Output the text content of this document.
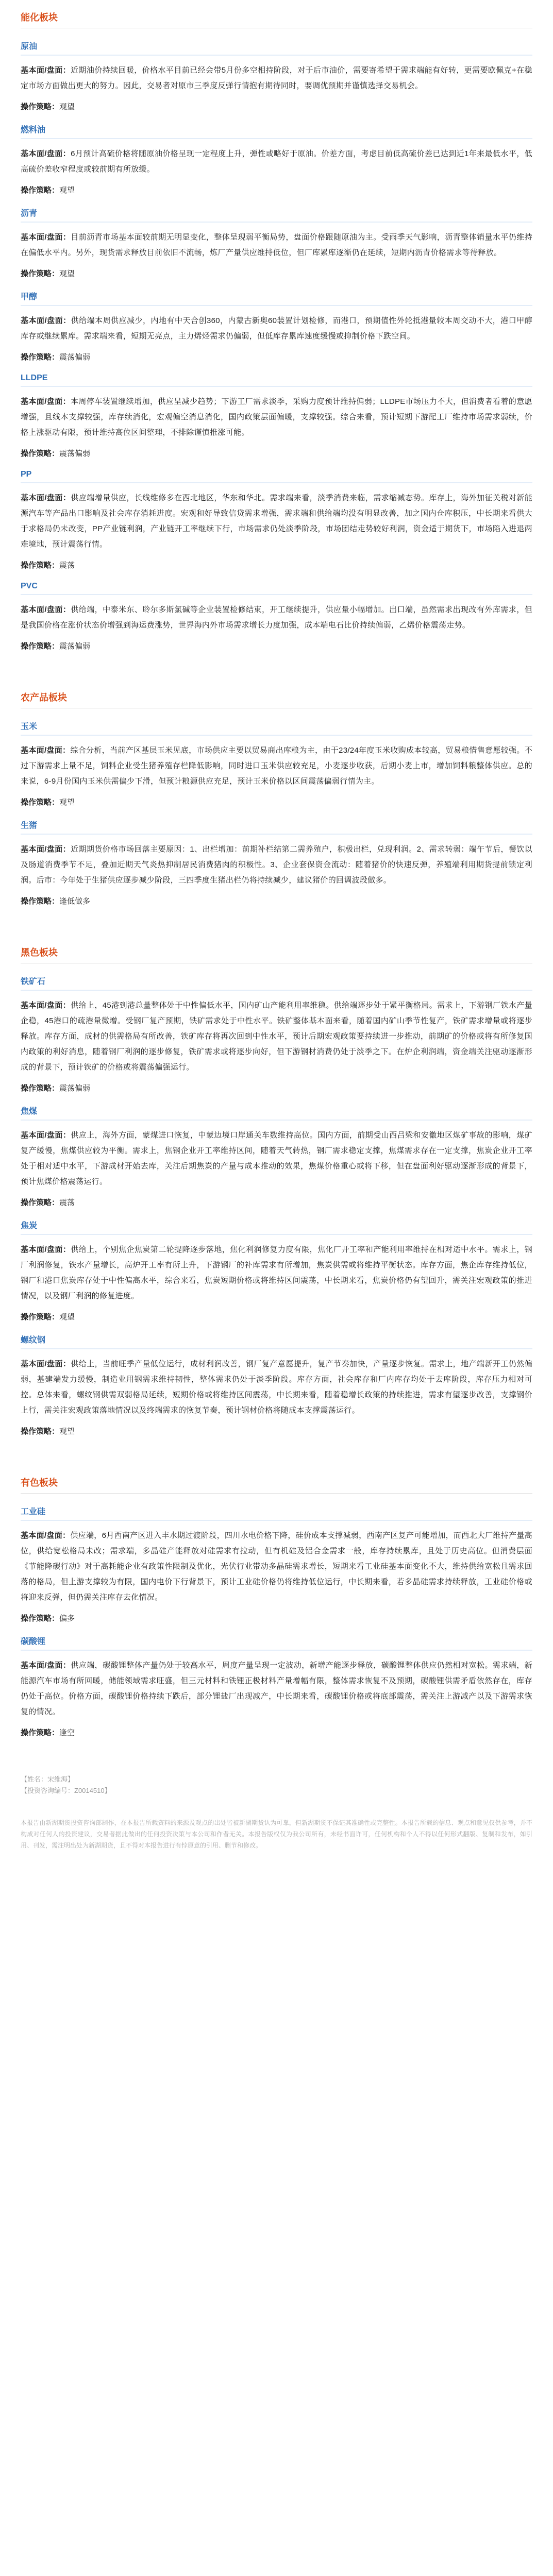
能化板块
原油
基本面/盘面：近期油价持续回暖，价格水平目前已经会带5月份多空相持阶段，对于后市油价，需要寄希望于需求端能有好转，更需要欧佩克+在稳定市场方面做出更大的努力。因此，交易者对原市三季度反弹行情抱有期待同时，要调优预期并谨慎选择交易机会。
操作策略：观望
燃料油
基本面/盘面：6月预计高硫价格将随原油价格呈现一定程度上升，弹性或略好于原油。价差方面，考虑目前低高硫价差已达到近1年来最低水平，低高硫价差收窄程度或较前期有所放缓。
操作策略：观望
沥青
基本面/盘面：目前沥青市场基本面较前期无明显变化，整体呈现弱平衡局势，盘面价格跟随原油为主。受雨季天气影响，沥青整体销量水平仍维持在偏低水平内。另外，现货需求释放目前依旧不流畅，炼厂产量供应维持低位，但厂库累库逐渐仍在延续，短期内沥青价格需求等待释放。
操作策略：观望
甲醇
基本面/盘面：供给端本周供应减少，内地有中天合创360，内蒙古新奥60装置计划检修，而港口，预期值性外轮抵港量较本周交动不大，港口甲醇库存或继续累库。需求端来看，短期无亮点，主力烯烃需求仍偏弱，但低库存累库速度缓慢或抑制价格下跌空间。
操作策略：震荡偏弱
LLDPE
基本面/盘面：本周停车装置继续增加，供应呈减少趋势；下游工厂需求淡季，采购力度预计维持偏弱；LLDPE市场压力不大，但消费者看着的意愿增强，且线本支撑较强，库存续消化，宏观偏空消息消化，国内政策层面偏暖，支撑较强。综合来看，预计短期下游配工厂维持市场需求弱续，价格上涨驱动有限，预计维持高位区间整理，不排除谨慎推涨可能。
操作策略：震荡偏弱
PP
基本面/盘面：供应端增量供应，长线维修多在西北地区，华东和华北。需求端来看，淡季消费来临，需求缩减态势。库存上，海外加征关税对新能源汽车等产品出口影响及社会库存消耗进度。宏观和好导致信贷需求增强，需求端和供给端均没有明显改善，加之国内仓库积压，中长期来看供大于求格局仍未改变，PP产业链利润，产业链开工率继续下行，市场需求仍处淡季阶段，市场团结走势较好利润，资金适于期货下，市场陷入进退两难境地，预计震荡行情。
操作策略：震荡
PVC
基本面/盘面：供给端，中泰米东、聆尔多斯氯碱等企业装置检修结束，开工继续提升，供应量小幅增加。出口端，虽然需求出现改有外库需求，但是我国价格在涨价状态价增强到海运费涨势，世界海内外市场需求增长力度加强，成本端电石比价持续偏弱，乙烯价格震荡走势。
操作策略：震荡偏弱
农产品板块
玉米
基本面/盘面：综合分析，当前产区基层玉米见底，市场供应主要以贸易商出库粮为主，由于23/24年度玉米收购成本较高，贸易粮惜售意愿较强。不过下游需求上量不足，饲料企业受生猪养殖存栏降低影响，同时进口玉米供应较充足，小麦逐步收获，后期小麦上市，增加饲料粮整体供应。总的来说，6-9月份国内玉米供需偏少下滑，但预计粮源供应充足，预计玉米价格以区间震荡偏弱行情为主。
操作策略：观望
生猪
基本面/盘面：近期期货价格市场回落主要原因：1、出栏增加：前期补栏结第二需养殖户，积极出栏，兑现利润。2、需求转弱：端午节后，餐饮以及肠道消费季节不足，叠加近期天气炎热抑制居民消费猪肉的积极性。3、企业套保资金流动：随着猪价的快速反弹，养殖端利用期货提前锁定利润。后市：今年处于生猪供应逐步减少阶段，三四季度生猪出栏仍将持续减少，建议猪价的回调波段做多。
操作策略：逢低做多
黑色板块
铁矿石
基本面/盘面：供给上，45港到港总量整体处于中性偏低水平，国内矿山产能利用率维稳。供给端逐步处于紧平衡格局。需求上，下游钢厂铁水产量企稳，45港口的疏港量微增。受钢厂复产预期，铁矿需求处于中性水平。铁矿整体基本面来看，随着国内矿山季节性复产，铁矿需求增量或将逐步释放。库存方面，成材的供需格局有所改善，铁矿库存将再次回到中性水平，预计后期宏观政策要持续进一步推动，前期矿的价格或将有所修复国内政策的利好消息，随着钢厂利润的逐步修复，铁矿需求或将逐步向好，但下游钢材消费仍处于淡季之下。在炉企利润端，资金端关注驱动逐渐形成的背景下，预计铁矿的价格或将震荡偏强运行。
操作策略：震荡偏弱
焦煤
基本面/盘面：供应上，海外方面，蒙煤进口恢复，中蒙边境口岸通关车数维持高位。国内方面，前期受山西吕梁和安徽地区煤矿事故的影响，煤矿复产缓慢，焦煤供应较为平衡。需求上，焦钢企业开工率维持区间，随着天气转热，钢厂需求稳定支撑，焦煤需求存在一定支撑，焦炭企业开工率处于相对适中水平，下游成材开始去库，关注后期焦炭的产量与成本推动的效果，焦煤价格重心或将下移，但在盘面利好驱动逐渐形成的背景下，预计焦煤价格震荡运行。
操作策略：震荡
焦炭
基本面/盘面：供给上，个别焦企焦炭第二轮提降逐步落地，焦化利润修复力度有限，焦化厂开工率和产能利用率维持在相对适中水平。需求上，钢厂利润修复，铁水产量增长，高炉开工率有所上升，下游钢厂的补库需求有所增加，焦炭供需或将维持平衡状态。库存方面，焦企库存维持低位，钢厂和港口焦炭库存处于中性偏高水平，综合来看，焦炭短期价格或将维持区间震荡，中长期来看，焦炭价格仍有望回升，需关注宏观政策的推进情况，以及钢厂利润的修复进度。
操作策略：观望
螺纹钢
基本面/盘面：供给上，当前旺季产量低位运行，成材利润改善，钢厂复产意愿提升，复产节奏加快，产量逐步恢复。需求上，地产端新开工仍然偏弱，基建端发力缓慢，制造业用钢需求维持韧性，整体需求仍处于淡季阶段。库存方面，社会库存和厂内库存均处于去库阶段，库存压力相对可控。总体来看，螺纹钢供需双弱格局延续，短期价格或将维持区间震荡，中长期来看，随着稳增长政策的持续推进，需求有望逐步改善，支撑钢价上行，需关注宏观政策落地情况以及终端需求的恢复节奏，预计钢材价格将随成本支撑震荡运行。
操作策略：观望
有色板块
工业硅
基本面/盘面：供应端，6月西南产区进入丰水期过渡阶段，四川水电价格下降，硅价成本支撑减弱，西南产区复产可能增加，而西北大厂维持产量高位，供给宽松格局未改；需求端，多晶硅产能释放对硅需求有拉动，但有机硅及铝合金需求一般，库存持续累库，且处于历史高位。但消费层面《节能降碳行动》对于高耗能企业有政策性限制及优化，光伏行业带动多晶硅需求增长，短期来看工业硅基本面变化不大，维持供给宽松且需求回落的格局，但上游支撑较为有限，国内电价下行背景下，预计工业硅价格仍将维持低位运行，中长期来看，若多晶硅需求持续释放，工业硅价格或将迎来反弹，但仍需关注库存去化情况。
操作策略：偏多
碳酸锂
基本面/盘面：供应端，碳酸锂整体产量仍处于较高水平，周度产量呈现一定波动，新增产能逐步释放，碳酸锂整体供应仍然相对宽松。需求端，新能源汽车市场有所回暖，储能领域需求旺盛，但三元材料和铁锂正极材料产量增幅有限，整体需求恢复不及预期，碳酸锂供需矛盾依然存在，库存仍处于高位。价格方面，碳酸锂价格持续下跌后，部分锂盐厂出现减产，中长期来看，碳酸锂价格或将底部震荡，需关注上游减产以及下游需求恢复的情况。
操作策略：逢空
【姓名：宋维海】
【投资咨询编号：Z0014510】
本报告由新湖期货投资咨询部制作，在本报告所载资料的来源及观点的出处皆被新湖期货认为可靠，但新湖期货不保证其准确性或完整性。本报告所载的信息、观点和意见仅供参考，并不构成对任何人的投资建议，交易者据此做出的任何投资决策与本公司和作者无关。本报告版权仅为我公司所有，未经书面许可，任何机构和个人不得以任何形式翻版、复制和发布，如引用、刊发，需注明出处为新湖期货，且不得对本报告进行有悖原意的引用、删节和修改。
